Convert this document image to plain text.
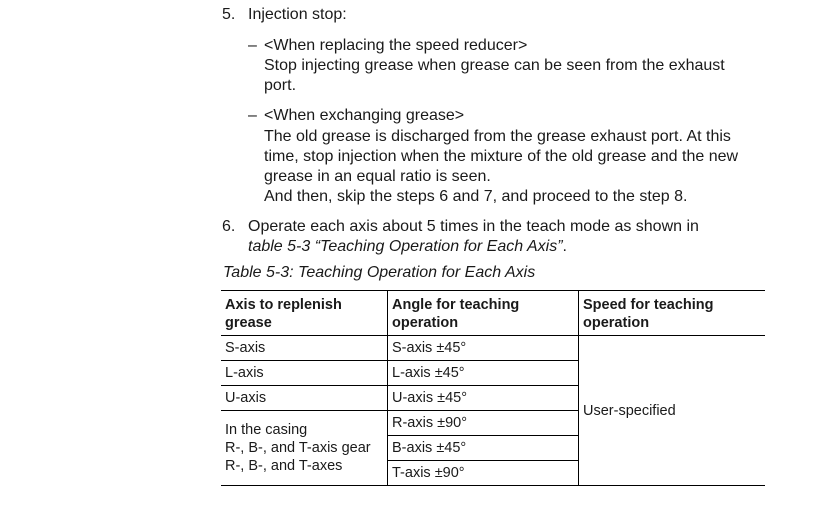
5. Injection stop:
– <When replacing the speed reducer>
Stop injecting grease when grease can be seen from the exhaust
port.
– <When exchanging grease>
The old grease is discharged from the grease exhaust port. At this
time, stop injection when the mixture of the old grease and the new
grease in an equal ratio is seen.
And then, skip the steps 6 and 7, and proceed to the step 8.
6. Operate each axis about 5 times in the teach mode as shown in
table 5-3 “Teaching Operation for Each Axis”.
Table 5-3: Teaching Operation for Each Axis
Axis to replenish
grease	Angle for teaching
operation	Speed for teaching
operation

S-axis	S-axis ±45°	User-specified
L-axis	L-axis ±45°	
U-axis	U-axis ±45°	

In the casing
R-, B-, and T-axis gear
R-, B-, and T-axes	R-axis ±90°	
	B-axis ±45°	
	T-axis ±90°	
